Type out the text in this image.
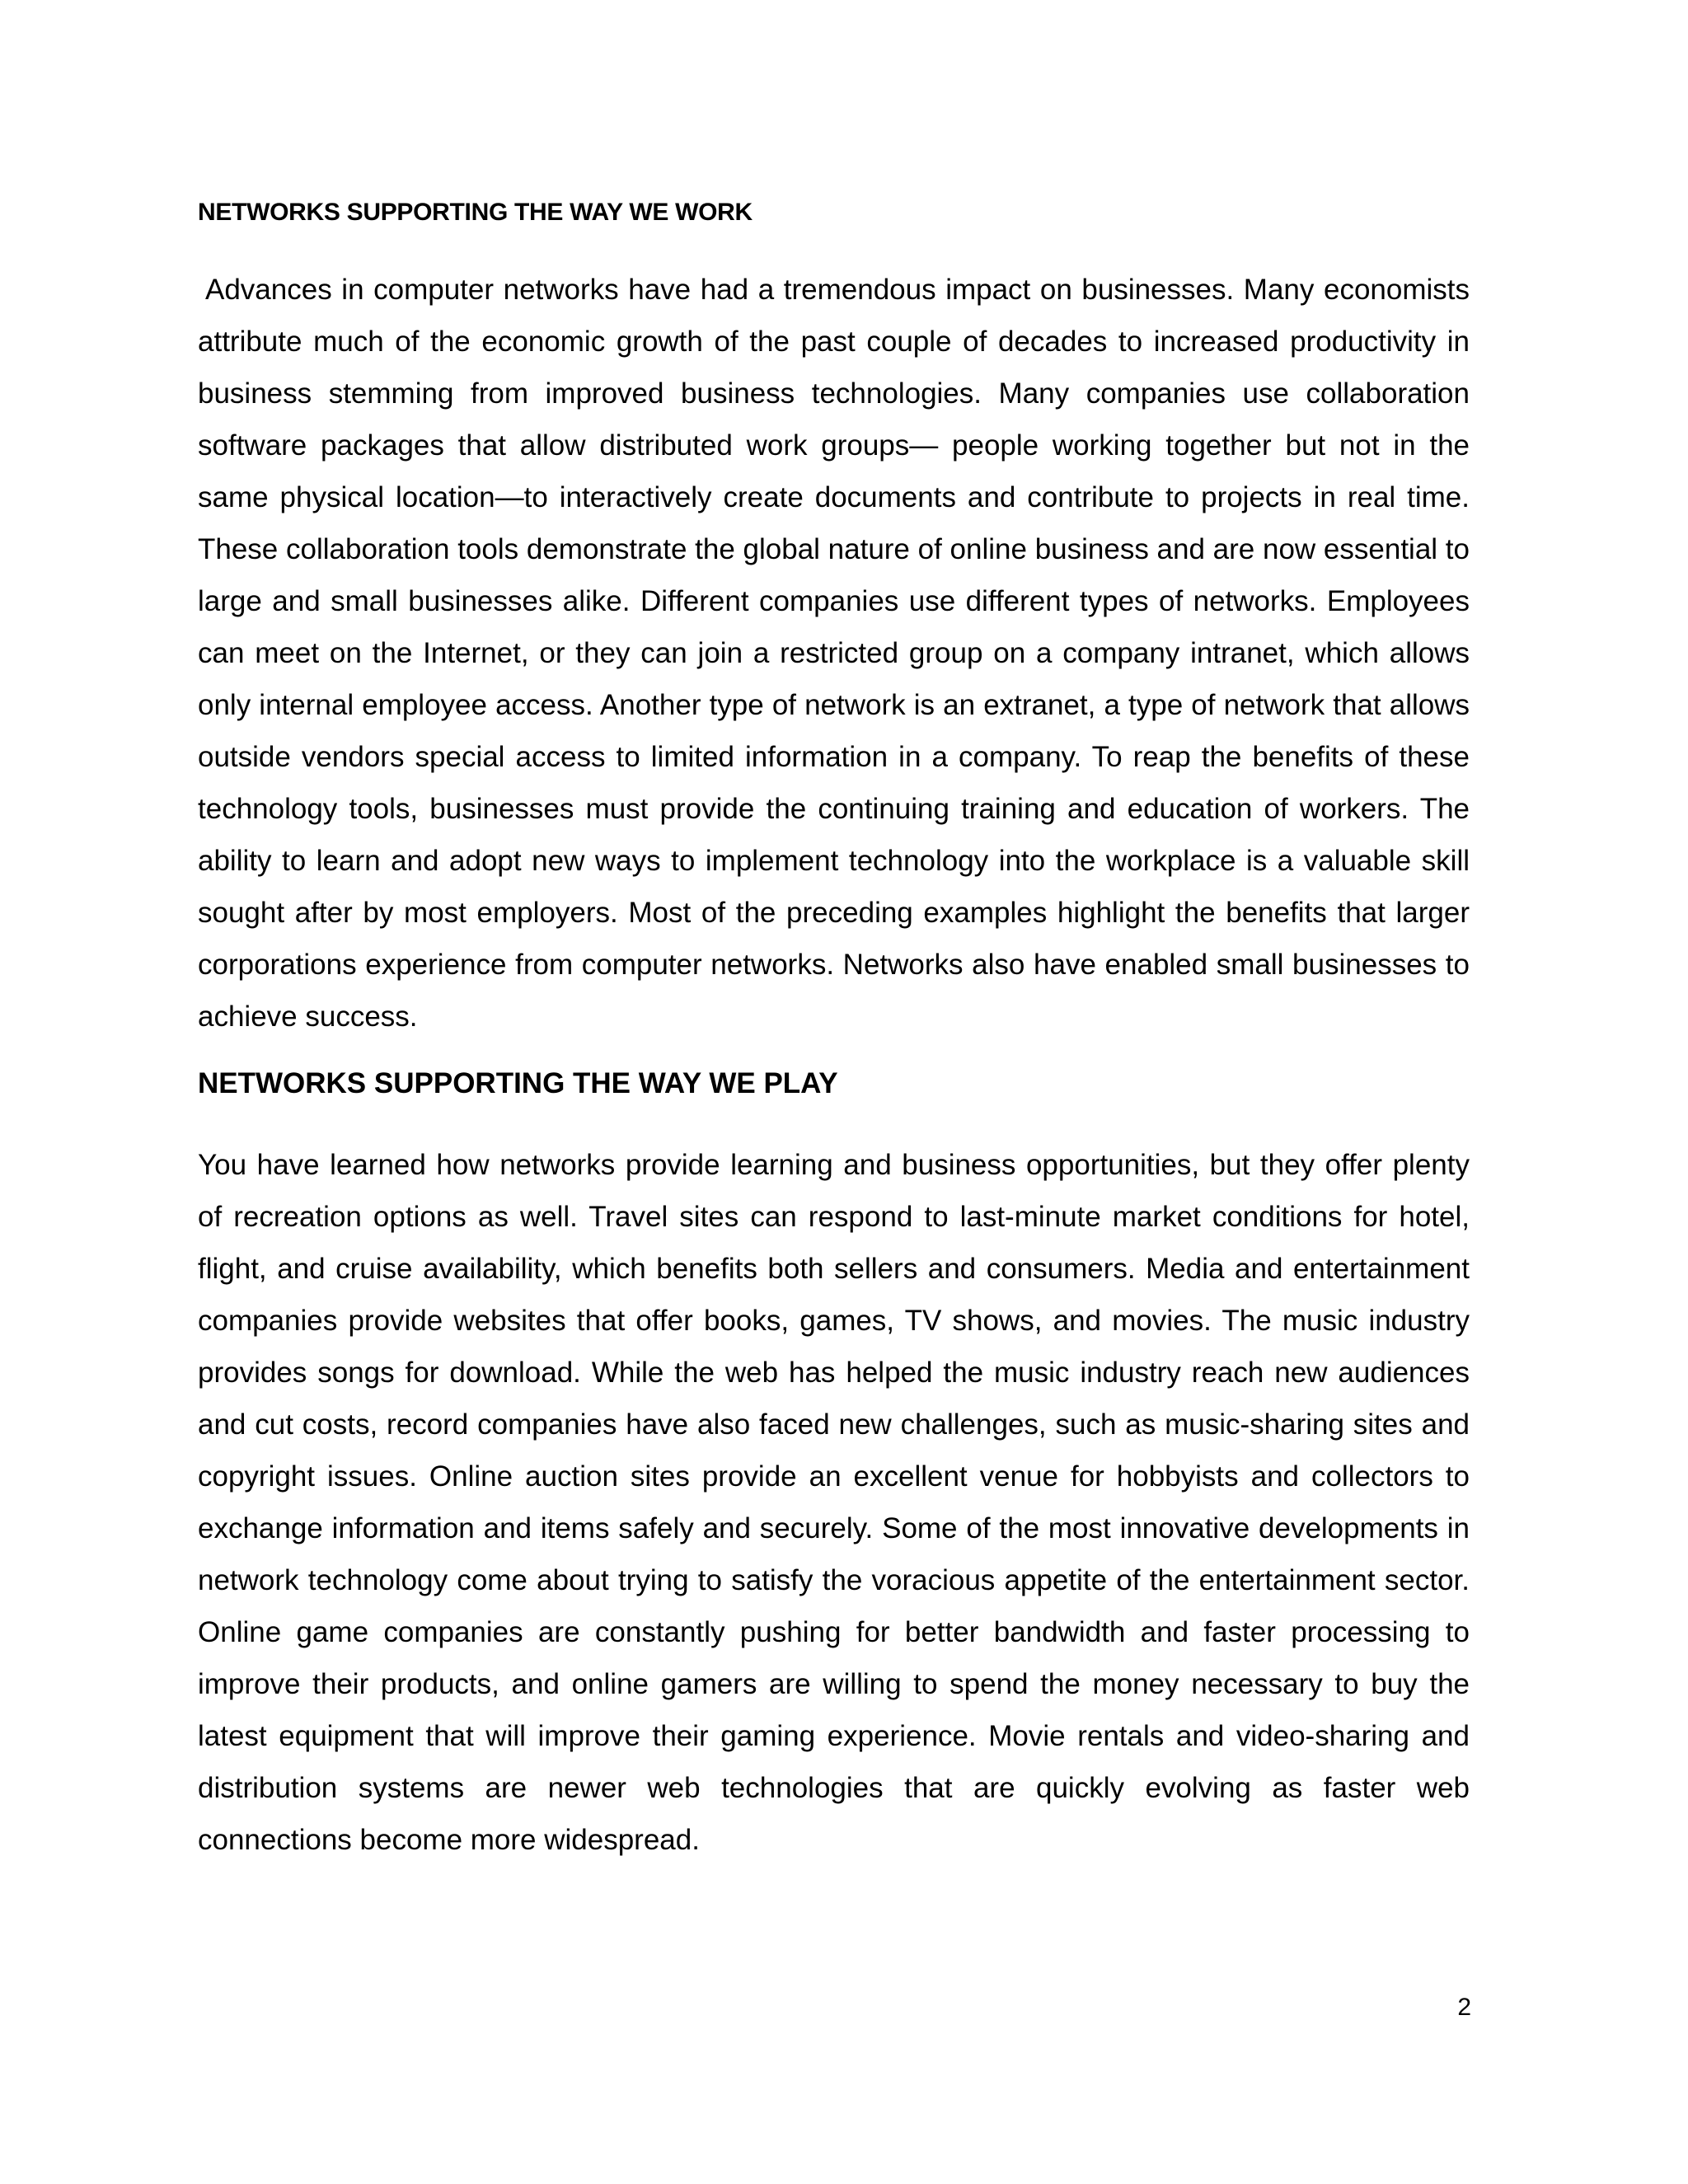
NETWORKS SUPPORTING THE WAY WE WORK

Advances in computer networks have had a tremendous impact on businesses. Many economists attribute much of the economic growth of the past couple of decades to increased productivity in business stemming from improved business technologies. Many companies use collaboration software packages that allow distributed work groups— people working together but not in the same physical location—to interactively create documents and contribute to projects in real time. These collaboration tools demonstrate the global nature of online business and are now essential to large and small businesses alike. Different companies use different types of networks. Employees can meet on the Internet, or they can join a restricted group on a company intranet, which allows only internal employee access. Another type of network is an extranet, a type of network that allows outside vendors special access to limited information in a company. To reap the benefits of these technology tools, businesses must provide the continuing training and education of workers. The ability to learn and adopt new ways to implement technology into the workplace is a valuable skill sought after by most employers. Most of the preceding examples highlight the benefits that larger corporations experience from computer networks. Networks also have enabled small businesses to achieve success.

NETWORKS SUPPORTING THE WAY WE PLAY

You have learned how networks provide learning and business opportunities, but they offer plenty of recreation options as well. Travel sites can respond to last-minute market conditions for hotel, flight, and cruise availability, which benefits both sellers and consumers. Media and entertainment companies provide websites that offer books, games, TV shows, and movies. The music industry provides songs for download. While the web has helped the music industry reach new audiences and cut costs, record companies have also faced new challenges, such as music-sharing sites and copyright issues. Online auction sites provide an excellent venue for hobbyists and collectors to exchange information and items safely and securely. Some of the most innovative developments in network technology come about trying to satisfy the voracious appetite of the entertainment sector. Online game companies are constantly pushing for better bandwidth and faster processing to improve their products, and online gamers are willing to spend the money necessary to buy the latest equipment that will improve their gaming experience. Movie rentals and video-sharing and distribution systems are newer web technologies that are quickly evolving as faster web connections become more widespread.

2
